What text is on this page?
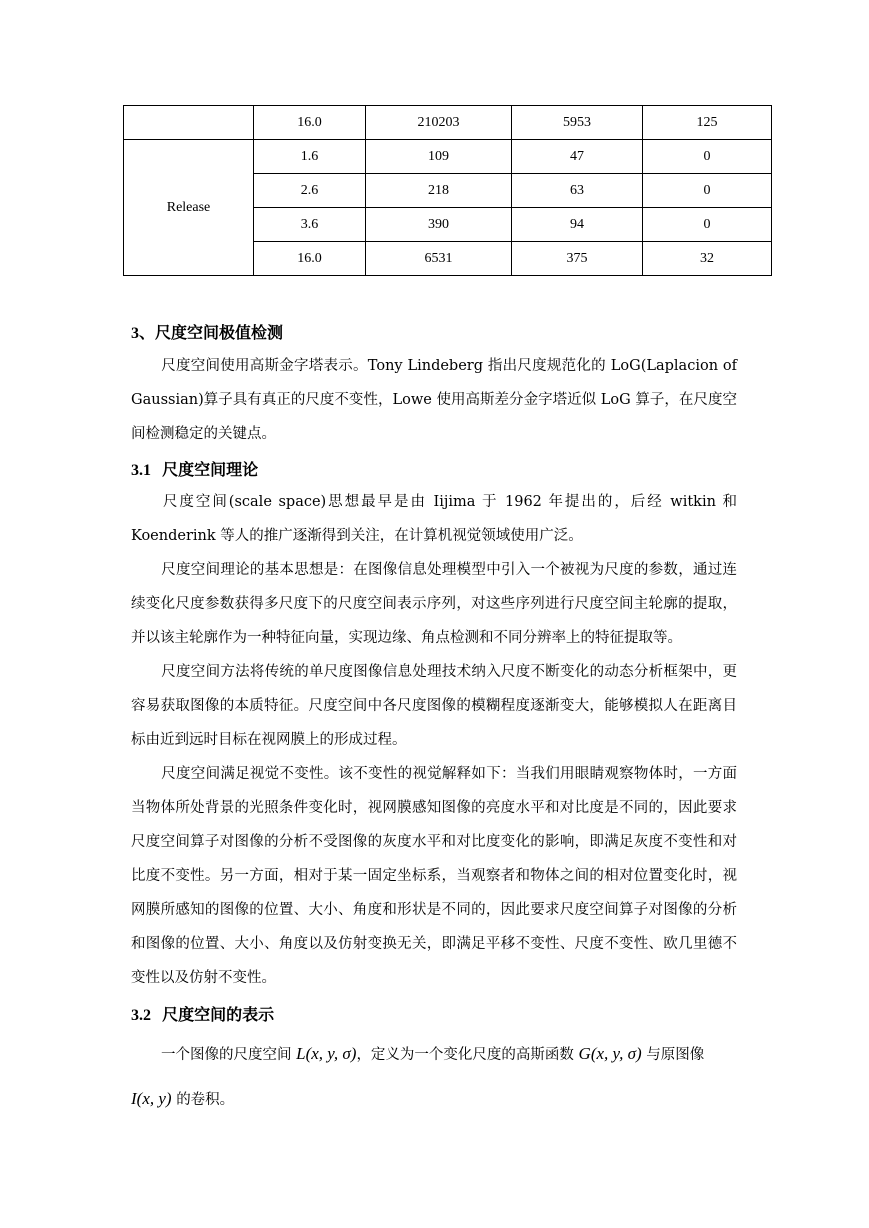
	16.0	210203	5953	125
Release	1.6	109	47	0
	2.6	218	63	0
	3.6	390	94	0
	16.0	6531	375	32
3、尺度空间极值检测
尺度空间使用高斯金字塔表示。Tony Lindeberg 指出尺度规范化的 LoG(Laplacion of Gaussian)算子具有真正的尺度不变性，Lowe 使用高斯差分金字塔近似 LoG 算子，在尺度空间检测稳定的关键点。
3.1 尺度空间理论
尺度空间(scale space)思想最早是由 Iijima 于 1962 年提出的，后经 witkin 和 Koenderink 等人的推广逐渐得到关注，在计算机视觉领域使用广泛。
尺度空间理论的基本思想是：在图像信息处理模型中引入一个被视为尺度的参数，通过连续变化尺度参数获得多尺度下的尺度空间表示序列，对这些序列进行尺度空间主轮廓的提取，并以该主轮廓作为一种特征向量，实现边缘、角点检测和不同分辨率上的特征提取等。
尺度空间方法将传统的单尺度图像信息处理技术纳入尺度不断变化的动态分析框架中，更容易获取图像的本质特征。尺度空间中各尺度图像的模糊程度逐渐变大，能够模拟人在距离目标由近到远时目标在视网膜上的形成过程。
尺度空间满足视觉不变性。该不变性的视觉解释如下：当我们用眼睛观察物体时，一方面当物体所处背景的光照条件变化时，视网膜感知图像的亮度水平和对比度是不同的，因此要求尺度空间算子对图像的分析不受图像的灰度水平和对比度变化的影响，即满足灰度不变性和对比度不变性。另一方面，相对于某一固定坐标系，当观察者和物体之间的相对位置变化时，视网膜所感知的图像的位置、大小、角度和形状是不同的，因此要求尺度空间算子对图像的分析和图像的位置、大小、角度以及仿射变换无关，即满足平移不变性、尺度不变性、欧几里德不变性以及仿射不变性。
3.2 尺度空间的表示
一个图像的尺度空间 L(x, y, σ)，定义为一个变化尺度的高斯函数 G(x, y, σ) 与原图像
I(x, y) 的卷积。
